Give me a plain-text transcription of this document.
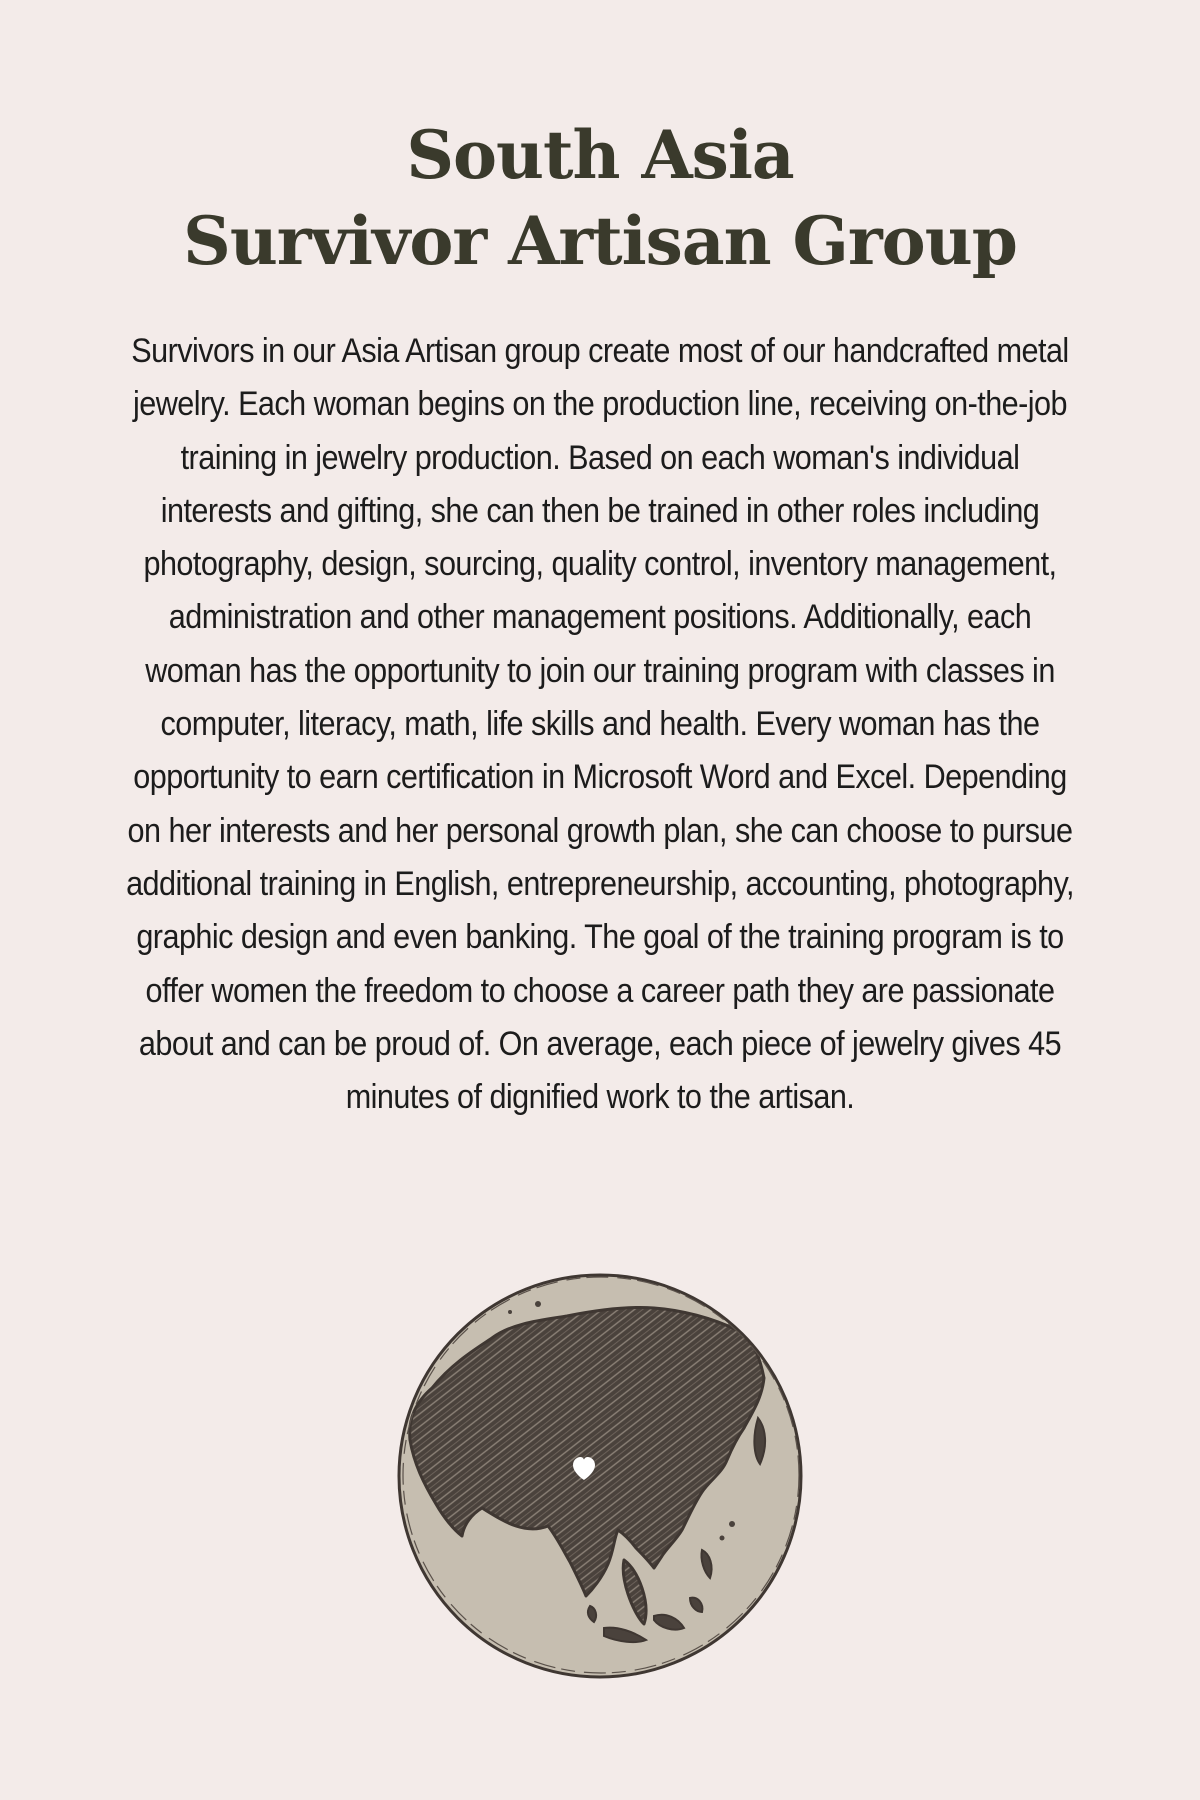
South Asia
Survivor Artisan Group

Survivors in our Asia Artisan group create most of our handcrafted metal jewelry. Each woman begins on the production line, receiving on-the-job training in jewelry production. Based on each woman's individual interests and gifting, she can then be trained in other roles including photography, design, sourcing, quality control, inventory management, administration and other management positions. Additionally, each woman has the opportunity to join our training program with classes in computer, literacy, math, life skills and health. Every woman has the opportunity to earn certification in Microsoft Word and Excel. Depending on her interests and her personal growth plan, she can choose to pursue additional training in English, entrepreneurship, accounting, photography, graphic design and even banking. The goal of the training program is to offer women the freedom to choose a career path they are passionate about and can be proud of. On average, each piece of jewelry gives 45 minutes of dignified work to the artisan.
